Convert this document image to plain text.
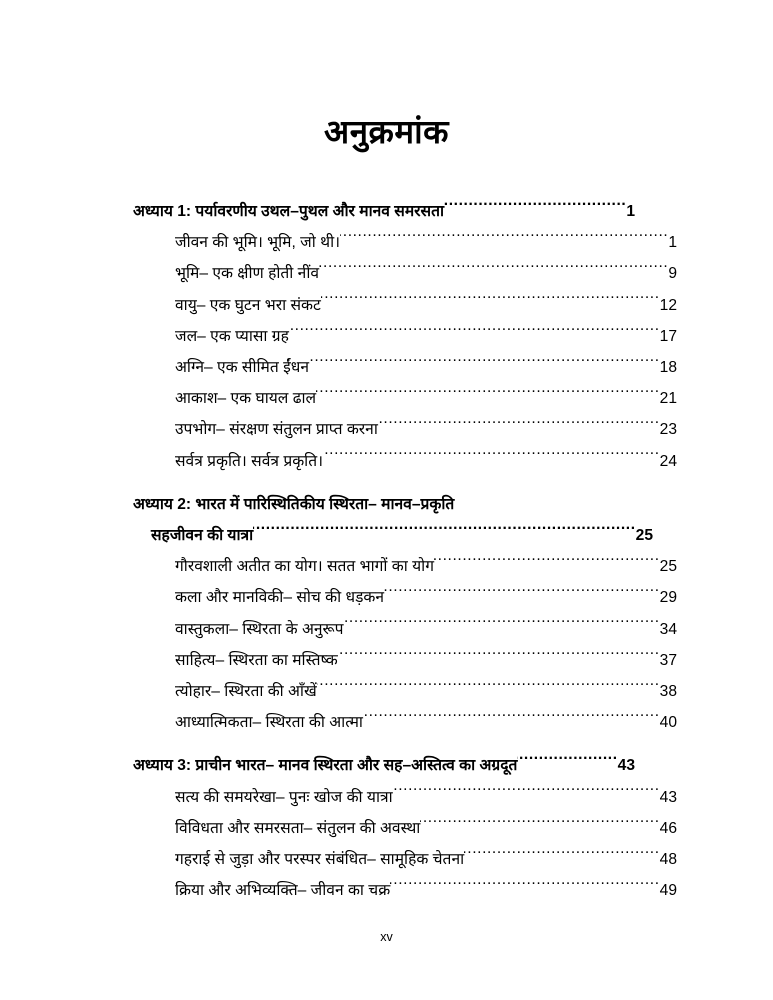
अनुक्रमांक
अध्याय 1: पर्यावरणीय उथल–पुथल और मानव समरसता .....	1
जीवन की भूमि। भूमि, जो थी। .....	1
भूमि– एक क्षीण होती नींव .....	9
वायु– एक घुटन भरा संकट .....	12
जल– एक प्यासा ग्रह .....	17
अग्नि– एक सीमित ईंधन .....	18
आकाश– एक घायल ढाल .....	21
उपभोग– संरक्षण संतुलन प्राप्त करना .....	23
सर्वत्र प्रकृति। सर्वत्र प्रकृति। .....	24
अध्याय 2: भारत में पारिस्थितिकीय स्थिरता– मानव–प्रकृति
सहजीवन की यात्रा .....	25
गौरवशाली अतीत का योग। सतत भागों का योग .....	25
कला और मानविकी– सोच की धड़कन .....	29
वास्तुकला– स्थिरता के अनुरूप .....	34
साहित्य– स्थिरता का मस्तिष्क .....	37
त्योहार– स्थिरता की आँखें .....	38
आध्यात्मिकता– स्थिरता की आत्मा .....	40
अध्याय 3: प्राचीन भारत– मानव स्थिरता और सह–अस्तित्व का अग्रदूत .....	43
सत्य की समयरेखा– पुनः खोज की यात्रा .....	43
विविधता और समरसता– संतुलन की अवस्था .....	46
गहराई से जुड़ा और परस्पर संबंधित– सामूहिक चेतना .....	48
क्रिया और अभिव्यक्ति– जीवन का चक्र .....	49
xv
